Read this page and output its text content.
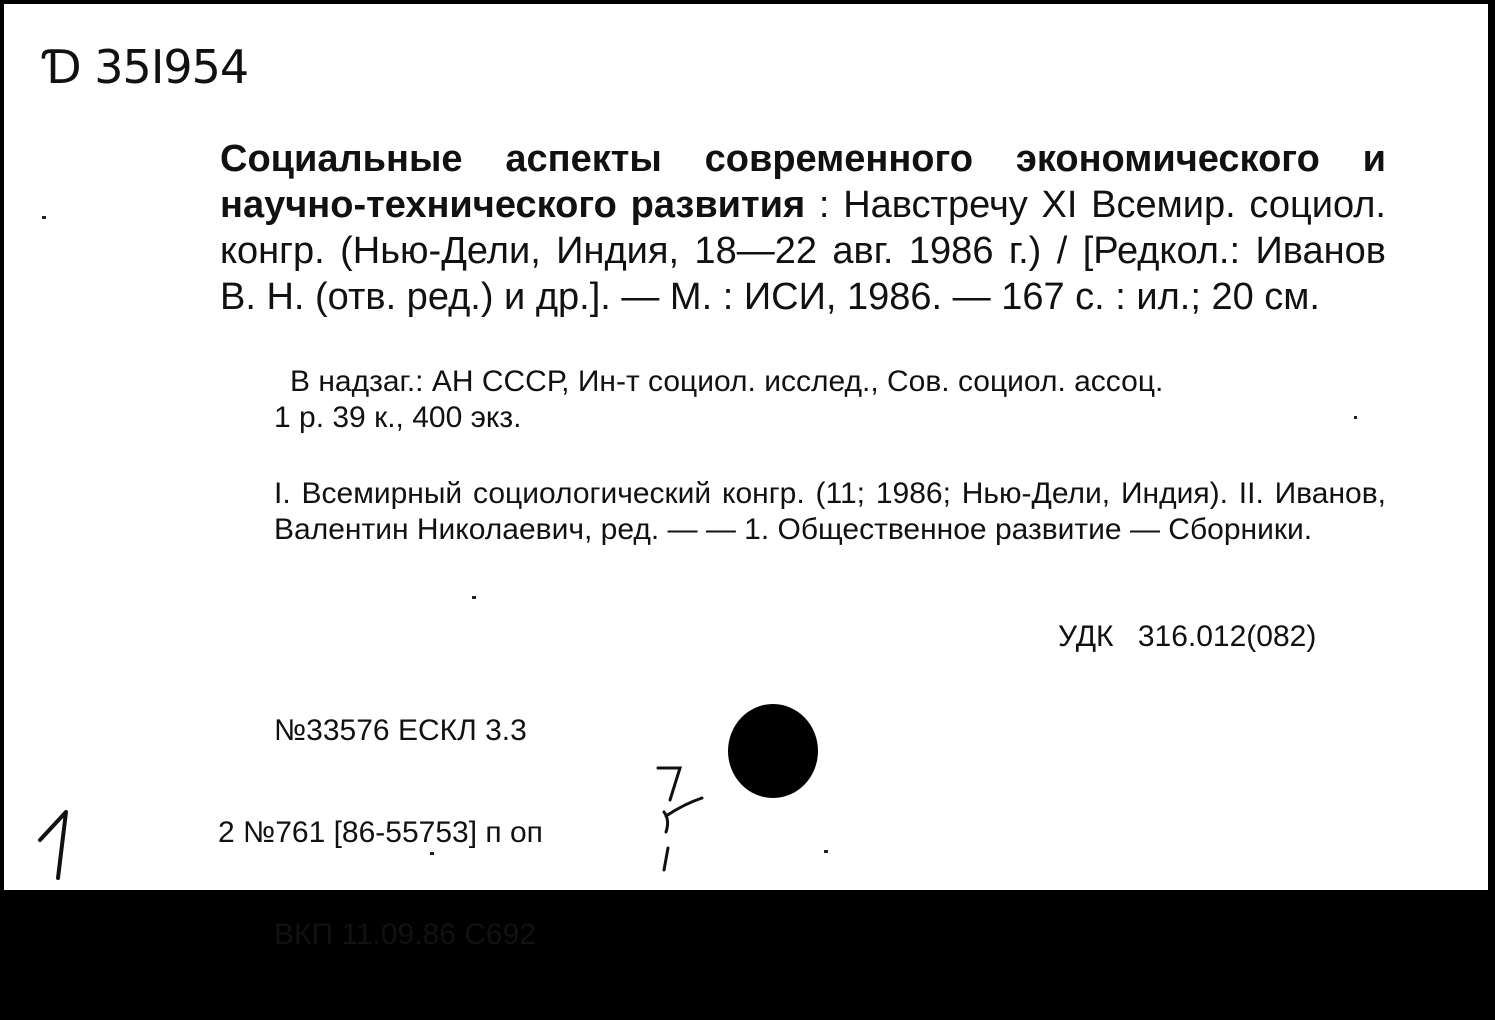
Ɗ 35I954
Социальные аспекты современного экономического и научно-технического развития : Навстречу XI Всемир. социол. конгр. (Нью-Дели, Индия, 18—22 авг. 1986 г.) / [Редкол.: Иванов В. Н. (отв. ред.) и др.]. — М. : ИСИ, 1986. — 167 с. : ил.; 20 см.
В надзаг.: АН СССР, Ин-т социол. исслед., Сов. социол. ассоц.
1 р. 39 к., 400 экз.
I. Всемирный социологический конгр. (11; 1986; Нью-Дели, Индия). II. Иванов, Валентин Николаевич, ред. — — 1. Общественное развитие — Сборники.
УДК 316.012(082)

№33576 ЕСКЛ 3.3

2 №761 [86-55753] п оп

ВКП 11.09.86 С692
